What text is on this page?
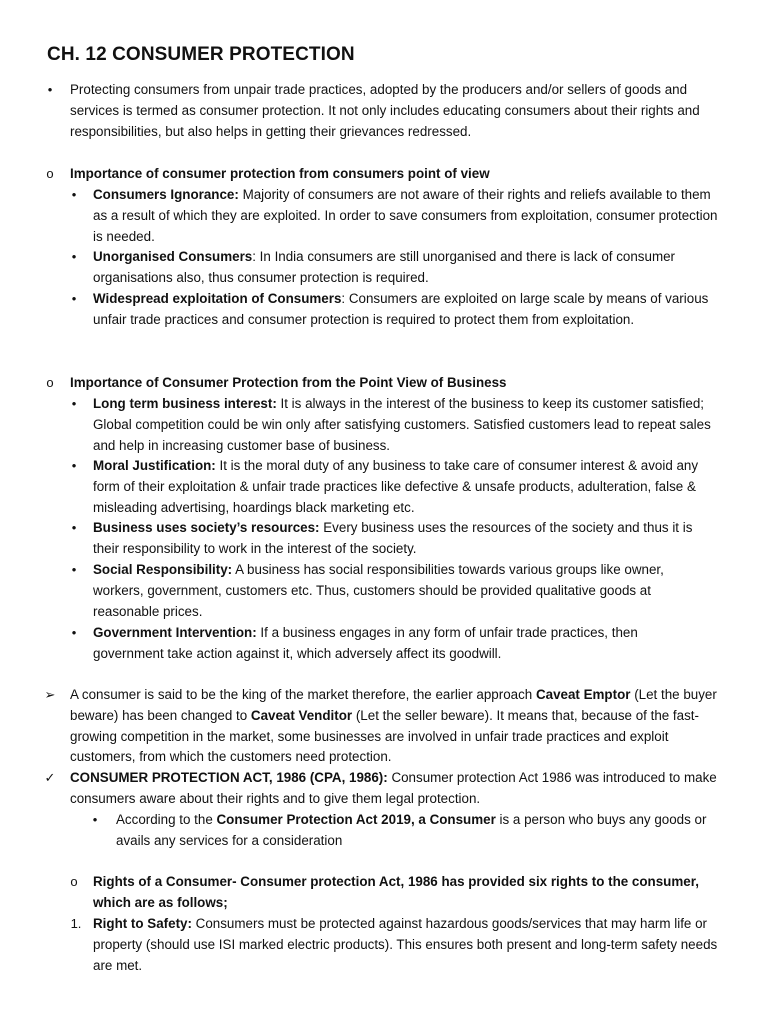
CH. 12 CONSUMER PROTECTION
• Protecting consumers from unpair trade practices, adopted by the producers and/or sellers of goods and services is termed as consumer protection. It not only includes educating consumers about their rights and responsibilities, but also helps in getting their grievances redressed.

o Importance of consumer protection from consumers point of view

• Consumers Ignorance: Majority of consumers are not aware of their rights and reliefs available to them as a result of which they are exploited. In order to save consumers from exploitation, consumer protection is needed.

• Unorganised Consumers: In India consumers are still unorganised and there is lack of consumer organisations also, thus consumer protection is required.

• Widespread exploitation of Consumers: Consumers are exploited on large scale by means of various unfair trade practices and consumer protection is required to protect them from exploitation.

o Importance of Consumer Protection from the Point View of Business

• Long term business interest: It is always in the interest of the business to keep its customer satisfied; Global competition could be win only after satisfying customers. Satisfied customers lead to repeat sales and help in increasing customer base of business.

• Moral Justification: It is the moral duty of any business to take care of consumer interest & avoid any form of their exploitation & unfair trade practices like defective & unsafe products, adulteration, false & misleading advertising, hoardings black marketing etc.

• Business uses society’s resources: Every business uses the resources of the society and thus it is their responsibility to work in the interest of the society.

• Social Responsibility: A business has social responsibilities towards various groups like owner, workers, government, customers etc. Thus, customers should be provided qualitative goods at reasonable prices.

• Government Intervention: If a business engages in any form of unfair trade practices, then government take action against it, which adversely affect its goodwill.

➢ A consumer is said to be the king of the market therefore, the earlier approach Caveat Emptor (Let the buyer beware) has been changed to Caveat Venditor (Let the seller beware). It means that, because of the fast-growing competition in the market, some businesses are involved in unfair trade practices and exploit customers, from which the customers need protection.

✓ CONSUMER PROTECTION ACT, 1986 (CPA, 1986): Consumer protection Act 1986 was introduced to make consumers aware about their rights and to give them legal protection.

• According to the Consumer Protection Act 2019, a Consumer is a person who buys any goods or avails any services for a consideration

o Rights of a Consumer- Consumer protection Act, 1986 has provided six rights to the consumer, which are as follows;

1. Right to Safety: Consumers must be protected against hazardous goods/services that may harm life or property (should use ISI marked electric products). This ensures both present and long-term safety needs are met.
